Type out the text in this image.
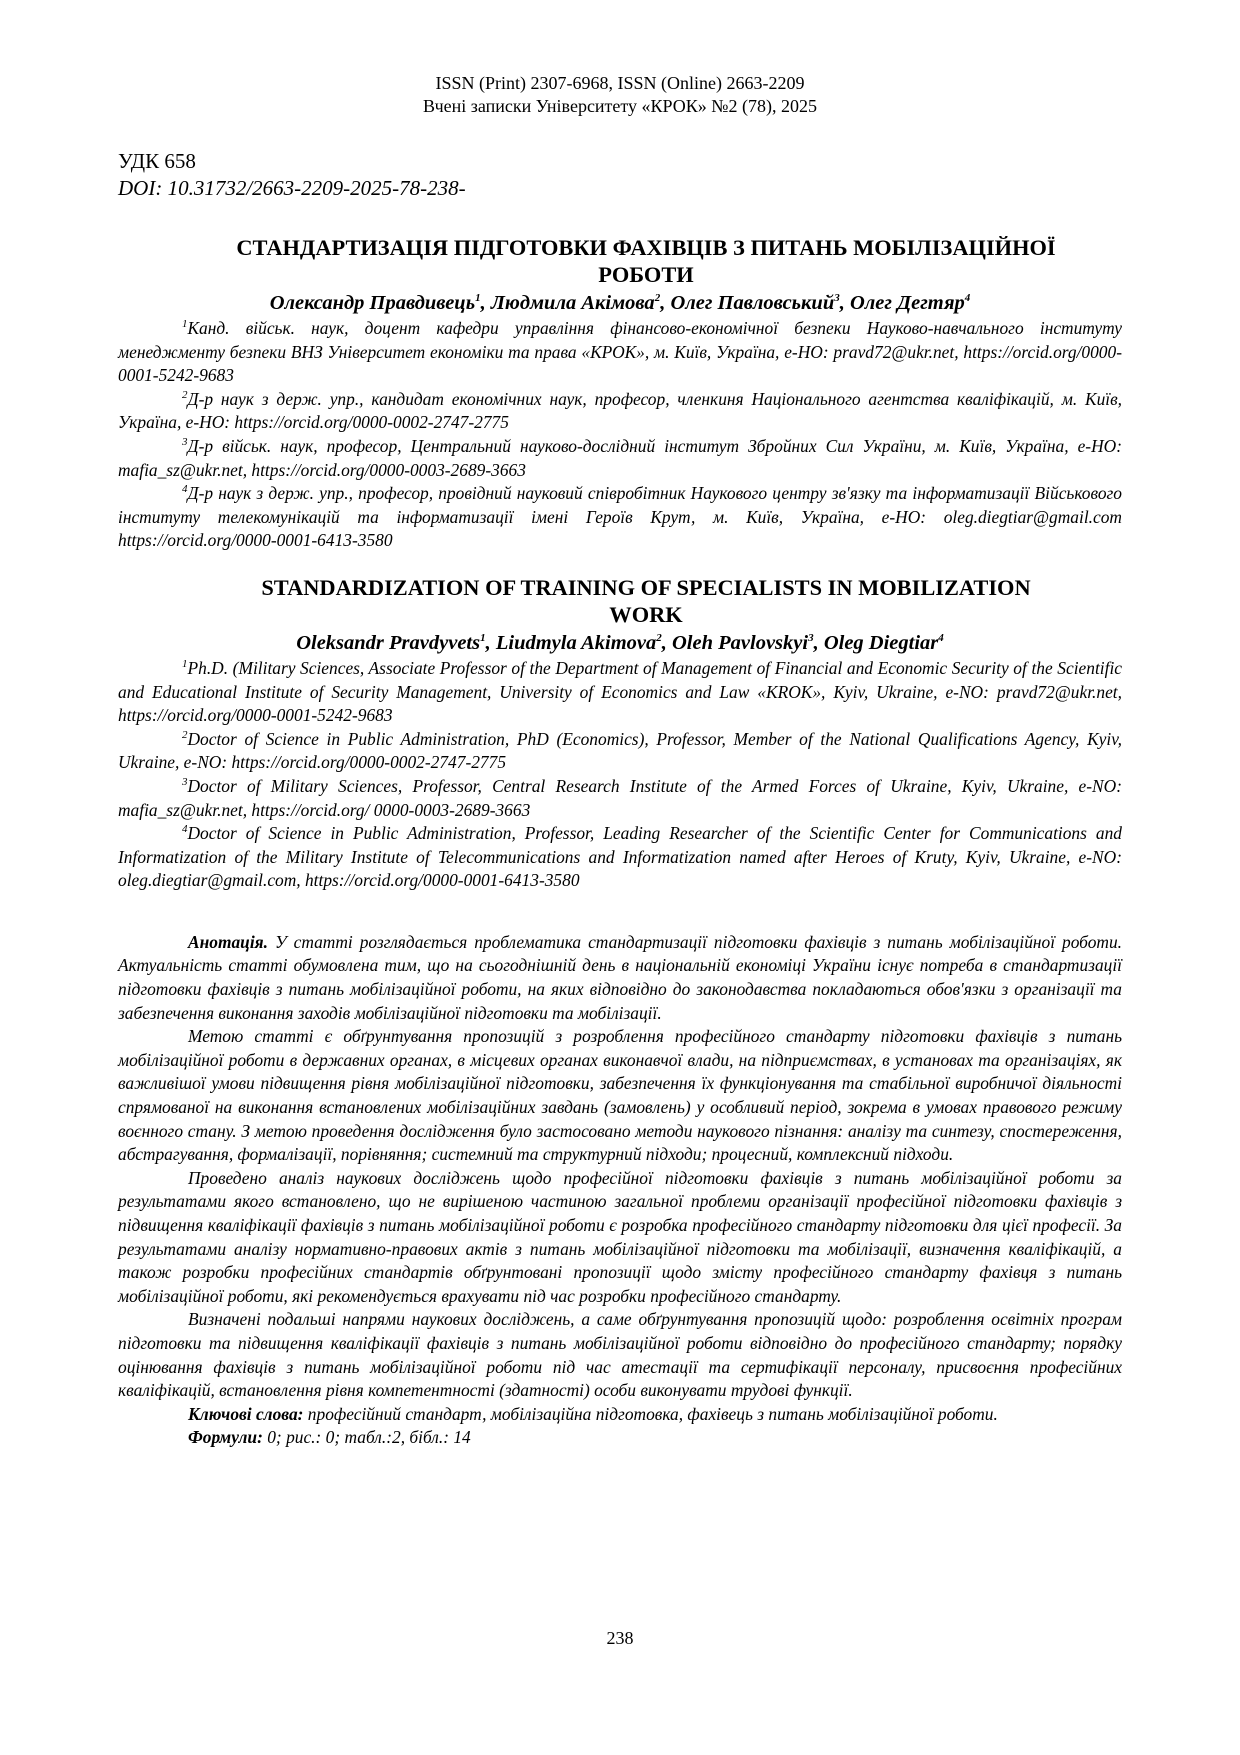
ISSN (Print) 2307-6968, ISSN (Online) 2663-2209
Вчені записки Університету «КРОК» №2 (78), 2025
УДК 658
DOI: 10.31732/2663-2209-2025-78-238-
СТАНДАРТИЗАЦІЯ ПІДГОТОВКИ ФАХІВЦІВ З ПИТАНЬ МОБІЛІЗАЦІЙНОЇ
РОБОТИ
Олександр Правдивець$^1$, Людмила Акімова$^2$, Олег Павловський$^3$, Олег Дегтяр$^4$
$^1$Канд. військ. наук, доцент кафедри управління фінансово-економічної безпеки Науково-навчального інституту менеджменту безпеки ВНЗ Університет економіки та права «КРОК», м. Київ, Україна, е-НО: pravd72@ukr.net, https://orcid.org/0000-0001-5242-9683
$^2$Д-р наук з держ. упр., кандидат економічних наук, професор, членкиня Національного агентства кваліфікацій, м. Київ, Україна, е-НО: https://orcid.org/0000-0002-2747-2775
$^3$Д-р військ. наук, професор, Центральний науково-дослідний інститут Збройних Сил України, м. Київ, Україна, е-НО: mafia_sz@ukr.net, https://orcid.org/0000-0003-2689-3663
$^4$Д-р наук з держ. упр., професор, провідний науковий співробітник Наукового центру зв'язку та інформатизації Військового інституту телекомунікацій та інформатизації імені Героїв Крут, м. Київ, Україна, е-НО: oleg.diegtiar@gmail.com https://orcid.org/0000-0001-6413-3580
STANDARDIZATION OF TRAINING OF SPECIALISTS IN MOBILIZATION
WORK
Oleksandr Pravdyvets$^1$, Liudmyla Akimova$^2$, Oleh Pavlovskyi$^3$, Oleg Diegtiar$^4$
$^1$Ph.D. (Military Sciences, Associate Professor of the Department of Management of Financial and Economic Security of the Scientific and Educational Institute of Security Management, University of Economics and Law «KROK», Kyiv, Ukraine, e-NO: pravd72@ukr.net, https://orcid.org/0000-0001-5242-9683
$^2$Doctor of Science in Public Administration, PhD (Economics), Professor, Member of the National Qualifications Agency, Kyiv, Ukraine, e-NO: https://orcid.org/0000-0002-2747-2775
$^3$Doctor of Military Sciences, Professor, Central Research Institute of the Armed Forces of Ukraine, Kyiv, Ukraine, e-NO: mafia_sz@ukr.net, https://orcid.org/ 0000-0003-2689-3663
$^4$Doctor of Science in Public Administration, Professor, Leading Researcher of the Scientific Center for Communications and Informatization of the Military Institute of Telecommunications and Informatization named after Heroes of Kruty, Kyiv, Ukraine, e-NO: oleg.diegtiar@gmail.com, https://orcid.org/0000-0001-6413-3580
Анотація. У статті розглядається проблематика стандартизації підготовки фахівців з питань мобілізаційної роботи. Актуальність статті обумовлена тим, що на сьогоднішній день в національній економіці України існує потреба в стандартизації підготовки фахівців з питань мобілізаційної роботи, на яких відповідно до законодавства покладаються обов'язки з організації та забезпечення виконання заходів мобілізаційної підготовки та мобілізації.
Метою статті є обґрунтування пропозицій з розроблення професійного стандарту підготовки фахівців з питань мобілізаційної роботи в державних органах, в місцевих органах виконавчої влади, на підприємствах, в установах та організаціях, як важливішої умови підвищення рівня мобілізаційної підготовки, забезпечення їх функціонування та стабільної виробничої діяльності спрямованої на виконання встановлених мобілізаційних завдань (замовлень) у особливий період, зокрема в умовах правового режиму воєнного стану. З метою проведення дослідження було застосовано методи наукового пізнання: аналізу та синтезу, спостереження, абстрагування, формалізації, порівняння; системний та структурний підходи; процесний, комплексний підходи.
Проведено аналіз наукових досліджень щодо професійної підготовки фахівців з питань мобілізаційної роботи за результатами якого встановлено, що не вирішеною частиною загальної проблеми організації професійної підготовки фахівців з підвищення кваліфікації фахівців з питань мобілізаційної роботи є розробка професійного стандарту підготовки для цієї професії. За результатами аналізу нормативно-правових актів з питань мобілізаційної підготовки та мобілізації, визначення кваліфікацій, а також розробки професійних стандартів обґрунтовані пропозиції щодо змісту професійного стандарту фахівця з питань мобілізаційної роботи, які рекомендується врахувати під час розробки професійного стандарту.
Визначені подальші напрями наукових досліджень, а саме обґрунтування пропозицій щодо: розроблення освітніх програм підготовки та підвищення кваліфікації фахівців з питань мобілізаційної роботи відповідно до професійного стандарту; порядку оцінювання фахівців з питань мобілізаційної роботи під час атестації та сертифікації персоналу, присвоєння професійних кваліфікацій, встановлення рівня компетентності (здатності) особи виконувати трудові функції.
Ключові слова: професійний стандарт, мобілізаційна підготовка, фахівець з питань мобілізаційної роботи.
Формули: 0; рис.: 0; табл.:2, бібл.: 14
238
